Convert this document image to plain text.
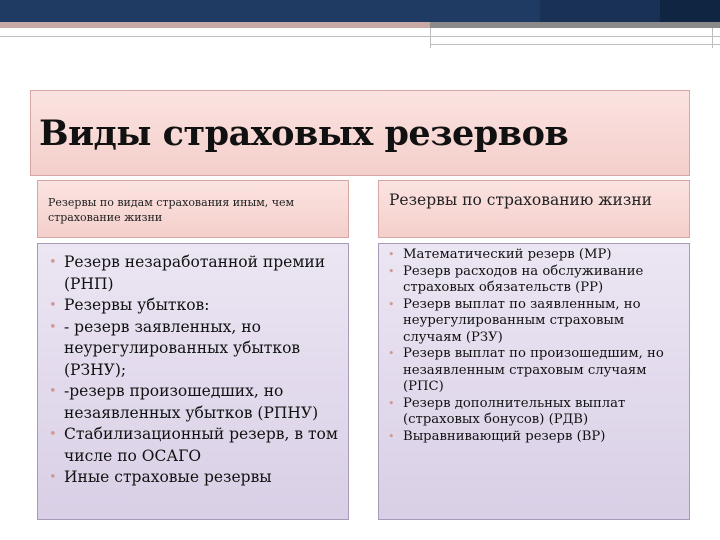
Виды страховых резервов
Резервы по видам страхования иным, чем страхование жизни
Резервы по страхованию жизни
• Резерв незаработанной премии (РНП)
• Резервы убытков:
• - резерв заявленных, но неурегулированных убытков (РЗНУ);
• -резерв произошедших, но незаявленных убытков (РПНУ)
• Стабилизационный резерв, в том числе по ОСАГО
• Иные страховые резервы
• Математический резерв (МР)
• Резерв расходов на обслуживание страховых обязательств (РР)
• Резерв выплат по заявленным, но неурегулированным страховым случаям (РЗУ)
• Резерв выплат по произошедшим, но незаявленным страховым случаям (РПС)
• Резерв дополнительных выплат (страховых бонусов) (РДВ)
• Выравнивающий резерв (ВР)
